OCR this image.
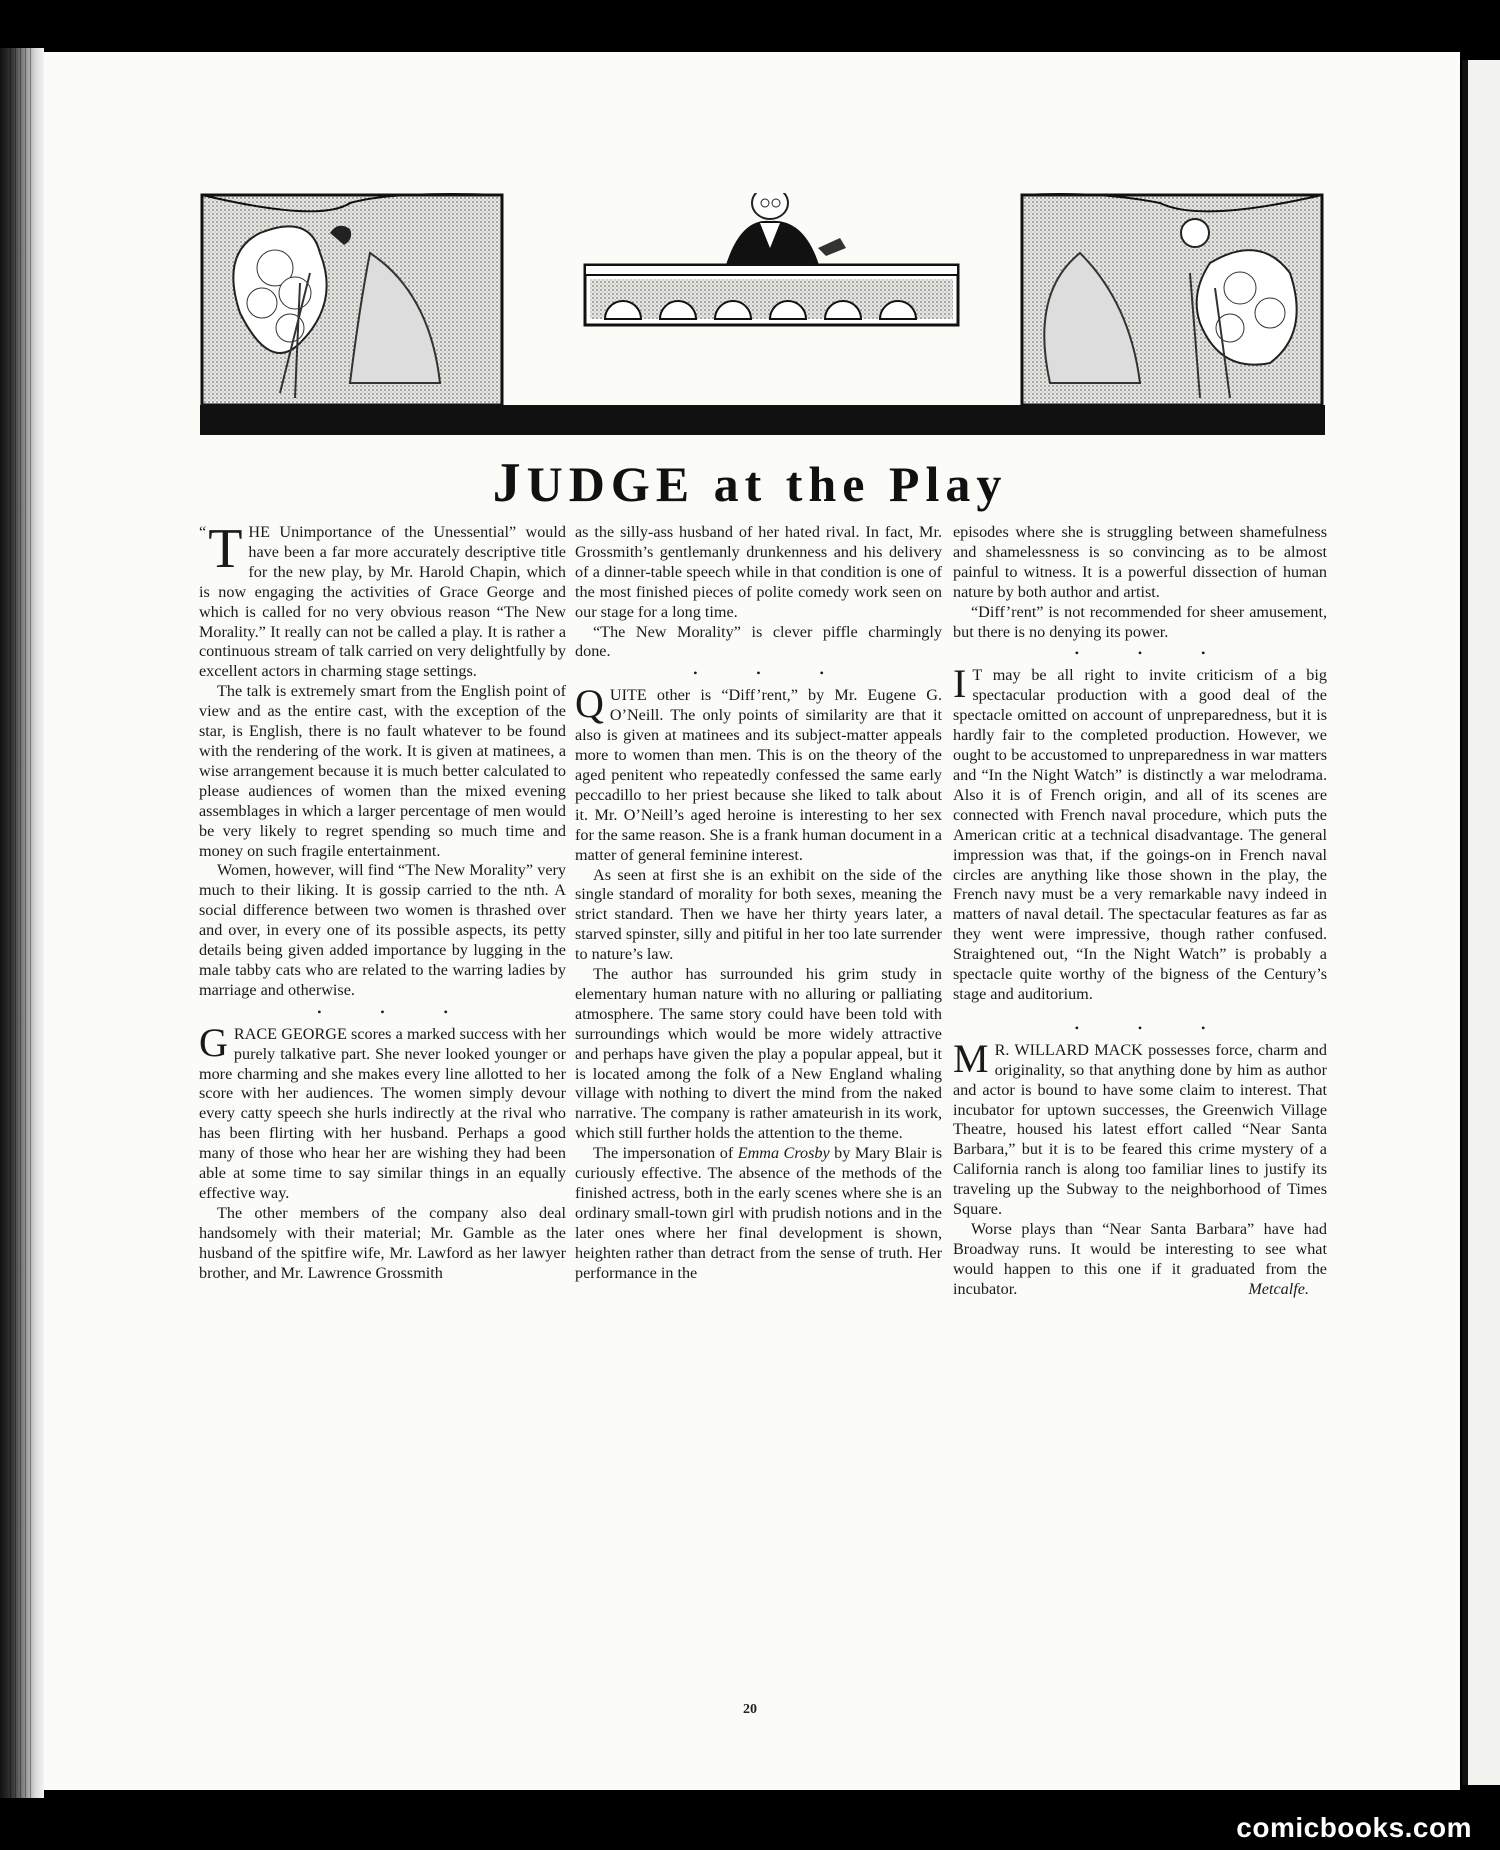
JUDGE at the Play

“ T HE Unimportance of the Unessential” would have been a far more accurately descriptive title for the new play, by Mr. Harold Chapin, which is now engaging the activities of Grace George and which is called for no very obvious reason “The New Morality.” It really can not be called a play. It is rather a continuous stream of talk carried on very delightfully by excellent actors in charming stage settings.

The talk is extremely smart from the English point of view and as the entire cast, with the exception of the star, is English, there is no fault whatever to be found with the rendering of the work. It is given at matinees, a wise arrangement because it is much better calculated to please audiences of women than the mixed evening assemblages in which a larger percentage of men would be very likely to regret spending so much time and money on such fragile entertainment.

Women, however, will find “The New Morality” very much to their liking. It is gossip carried to the nth. A social difference between two women is thrashed over and over, in every one of its possible aspects, its petty details being given added importance by lugging in the male tabby cats who are related to the warring ladies by marriage and otherwise.

• • •

GRACE GEORGE scores a marked success with her purely talkative part. She never looked younger or more charming and she makes every line allotted to her score with her audiences. The women simply devour every catty speech she hurls indirectly at the rival who has been flirting with her husband. Perhaps a good many of those who hear her are wishing they had been able at some time to say similar things in an equally effective way.

The other members of the company also deal handsomely with their material; Mr. Gamble as the husband of the spitfire wife, Mr. Lawford as her lawyer brother, and Mr. Lawrence Grossmith

as the silly-ass husband of her hated rival. In fact, Mr. Grossmith’s gentlemanly drunkenness and his delivery of a dinner-table speech while in that condition is one of the most finished pieces of polite comedy work seen on our stage for a long time.

“The New Morality” is clever piffle charmingly done.

• • •

QUITE other is “Diff’rent,” by Mr. Eugene G. O’Neill. The only points of similarity are that it also is given at matinees and its subject-matter appeals more to women than men. This is on the theory of the aged penitent who repeatedly confessed the same early peccadillo to her priest because she liked to talk about it. Mr. O’Neill’s aged heroine is interesting to her sex for the same reason. She is a frank human document in a matter of general feminine interest.

As seen at first she is an exhibit on the side of the single standard of morality for both sexes, meaning the strict standard. Then we have her thirty years later, a starved spinster, silly and pitiful in her too late surrender to nature’s law.

The author has surrounded his grim study in elementary human nature with no alluring or palliating atmosphere. The same story could have been told with surroundings which would be more widely attractive and perhaps have given the play a popular appeal, but it is located among the folk of a New England whaling village with nothing to divert the mind from the naked narrative. The company is rather amateurish in its work, which still further holds the attention to the theme.

The impersonation of Emma Crosby by Mary Blair is curiously effective. The absence of the methods of the finished actress, both in the early scenes where she is an ordinary small-town girl with prudish notions and in the later ones where her final development is shown, heighten rather than detract from the sense of truth. Her performance in the

episodes where she is struggling between shamefulness and shamelessness is so convincing as to be almost painful to witness. It is a powerful dissection of human nature by both author and artist.

“Diff’rent” is not recommended for sheer amusement, but there is no denying its power.

• • •

I T may be all right to invite criticism of a big spectacular production with a good deal of the spectacle omitted on account of unpreparedness, but it is hardly fair to the completed production. However, we ought to be accustomed to unpreparedness in war matters and “In the Night Watch” is distinctly a war melodrama. Also it is of French origin, and all of its scenes are connected with French naval procedure, which puts the American critic at a technical disadvantage. The general impression was that, if the goings-on in French naval circles are anything like those shown in the play, the French navy must be a very remarkable navy indeed in matters of naval detail. The spectacular features as far as they went were impressive, though rather confused. Straightened out, “In the Night Watch” is probably a spectacle quite worthy of the bigness of the Century’s stage and auditorium.

• • •

M R. WILLARD MACK possesses force, charm and originality, so that anything done by him as author and actor is bound to have some claim to interest. That incubator for uptown successes, the Greenwich Village Theatre, housed his latest effort called “Near Santa Barbara,” but it is to be feared this crime mystery of a California ranch is along too familiar lines to justify its traveling up the Subway to the neighborhood of Times Square.

Worse plays than “Near Santa Barbara” have had Broadway runs. It would be interesting to see what would happen to this one if it graduated from the incubator.	Metcalfe.

20
comicbooks.com
